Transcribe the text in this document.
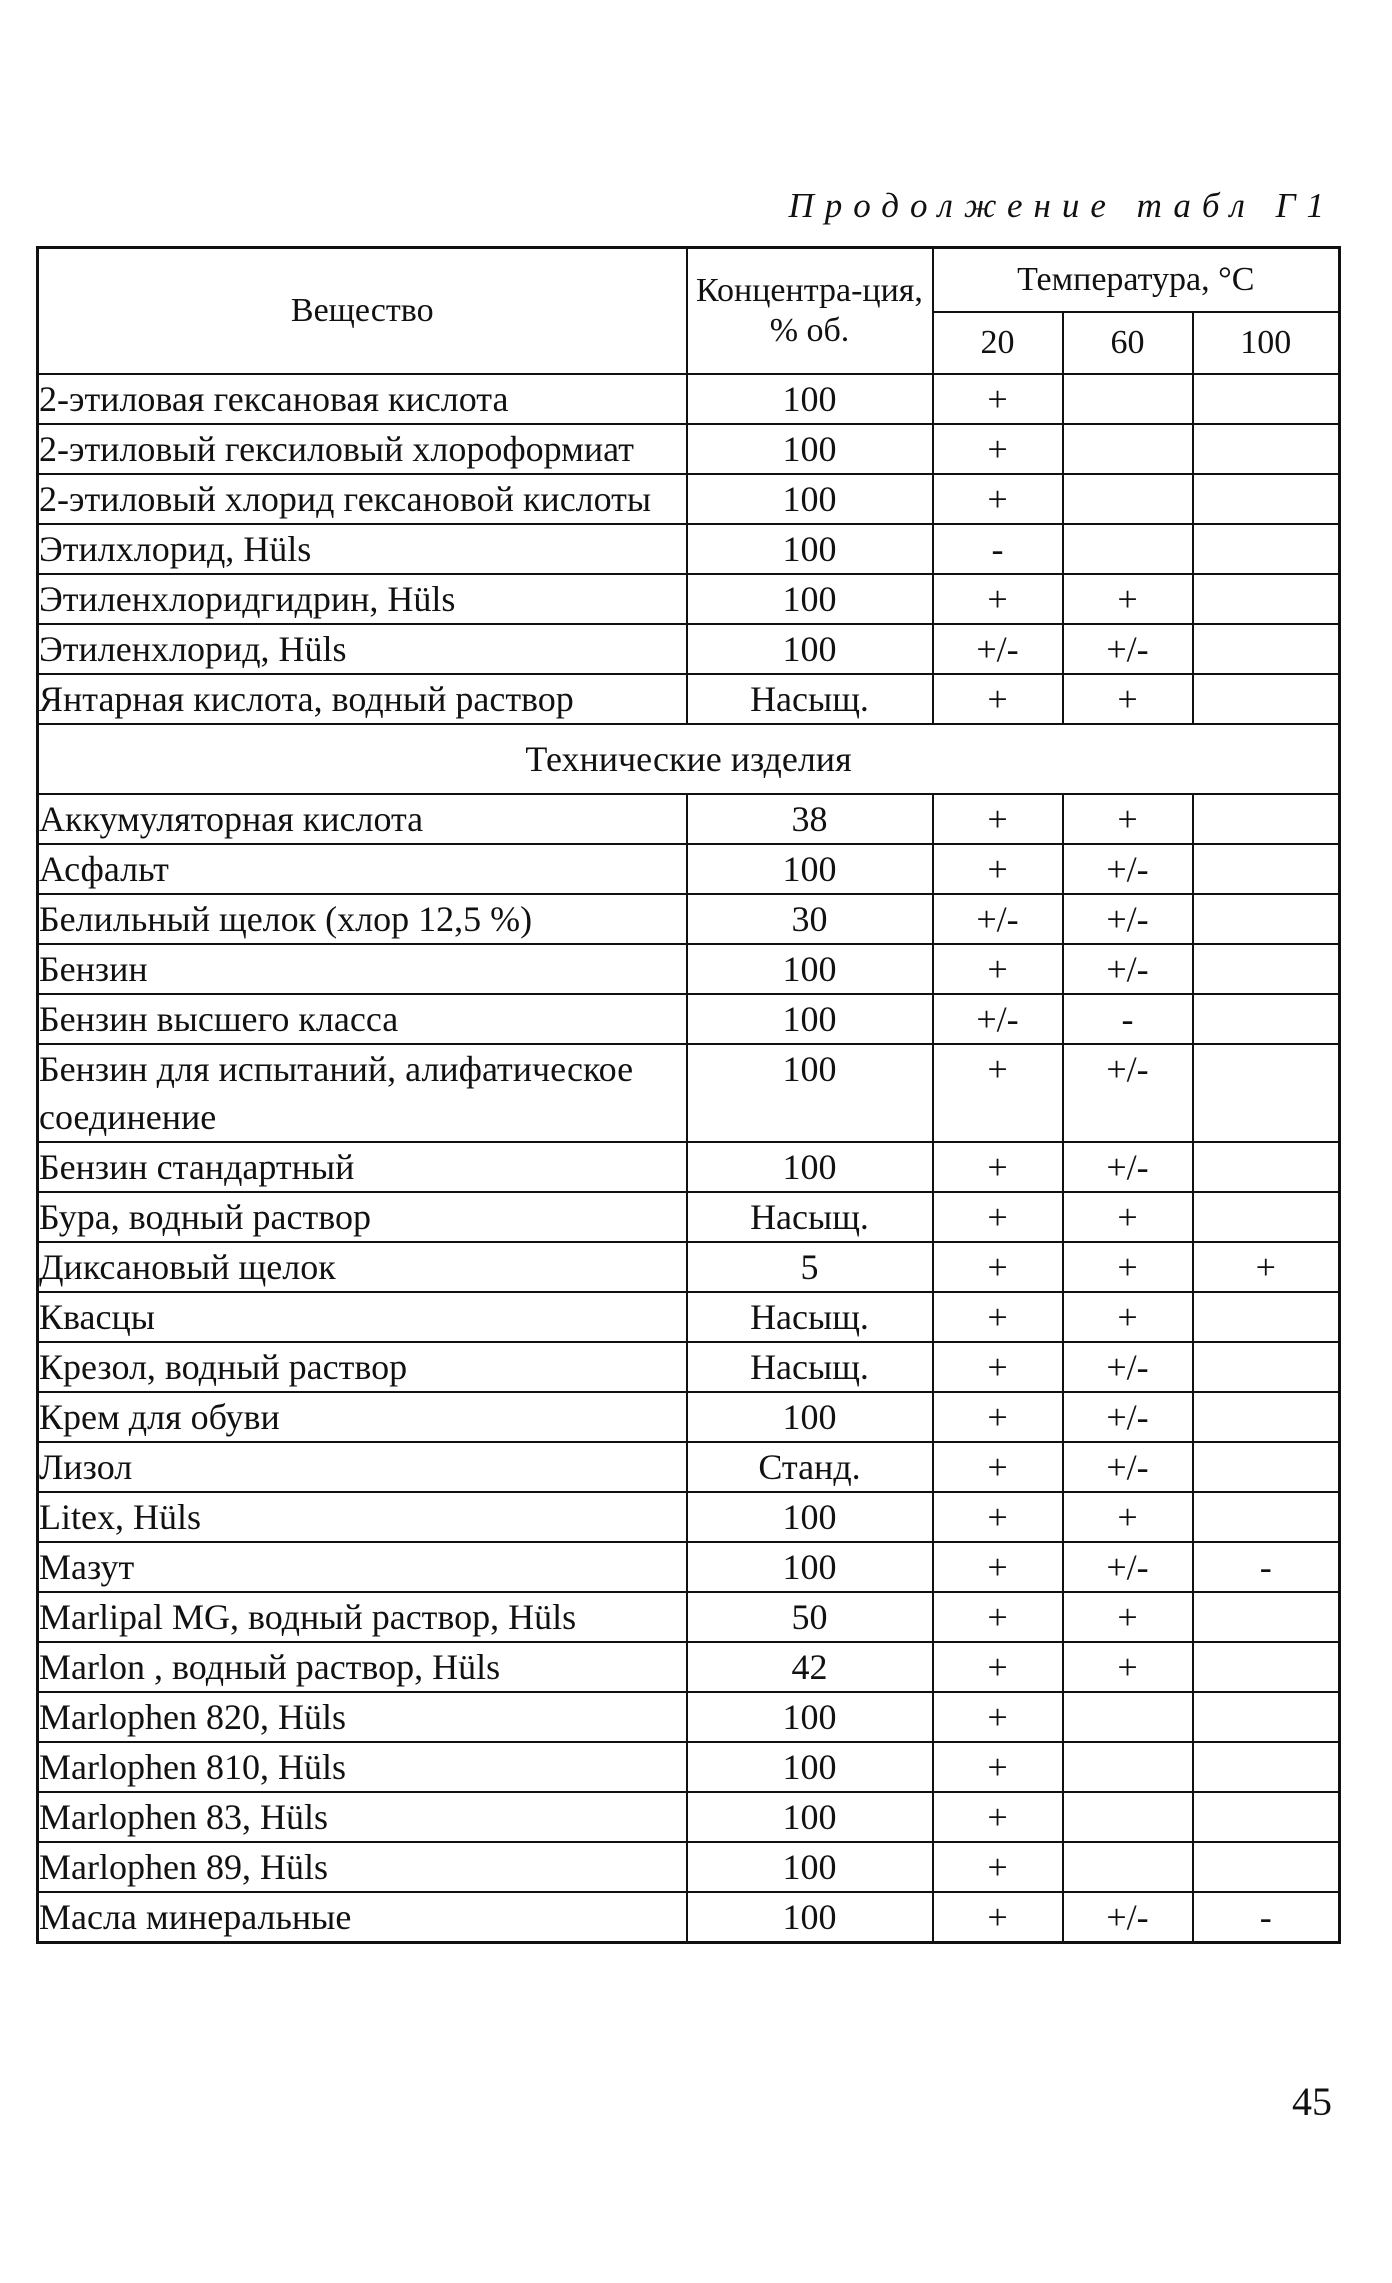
Продолжение табл Г1
Вещество	Концентра-ция, % об.	Температура, °С		
		20	60	100
2-этиловая гексановая кислота	100	+		
2-этиловый гексиловый хлороформиат	100	+		
2-этиловый хлорид гексановой кислоты	100	+		
Этилхлорид, Hüls	100	-		
Этиленхлоридгидрин, Hüls	100	+	+	
Этиленхлорид, Hüls	100	+/-	+/-	
Янтарная кислота, водный раствор	Насыщ.	+	+	
Технические изделия				
Аккумуляторная кислота	38	+	+	
Асфальт	100	+	+/-	
Белильный щелок (хлор 12,5 %)	30	+/-	+/-	
Бензин	100	+	+/-	
Бензин высшего класса	100	+/-	-	
Бензин для испытаний, алифатическое соединение	100	+	+/-	
Бензин стандартный	100	+	+/-	
Бура, водный раствор	Насыщ.	+	+	
Диксановый щелок	5	+	+	+
Квасцы	Насыщ.	+	+	
Крезол, водный раствор	Насыщ.	+	+/-	
Крем для обуви	100	+	+/-	
Лизол	Станд.	+	+/-	
Litex, Hüls	100	+	+	
Мазут	100	+	+/-	-
Marlipal MG, водный раствор, Hüls	50	+	+	
Marlon , водный раствор, Hüls	42	+	+	
Marlophen 820, Hüls	100	+		
Marlophen 810, Hüls	100	+		
Marlophen 83, Hüls	100	+		
Marlophen 89, Hüls	100	+		
Масла минеральные	100	+	+/-	-
45
